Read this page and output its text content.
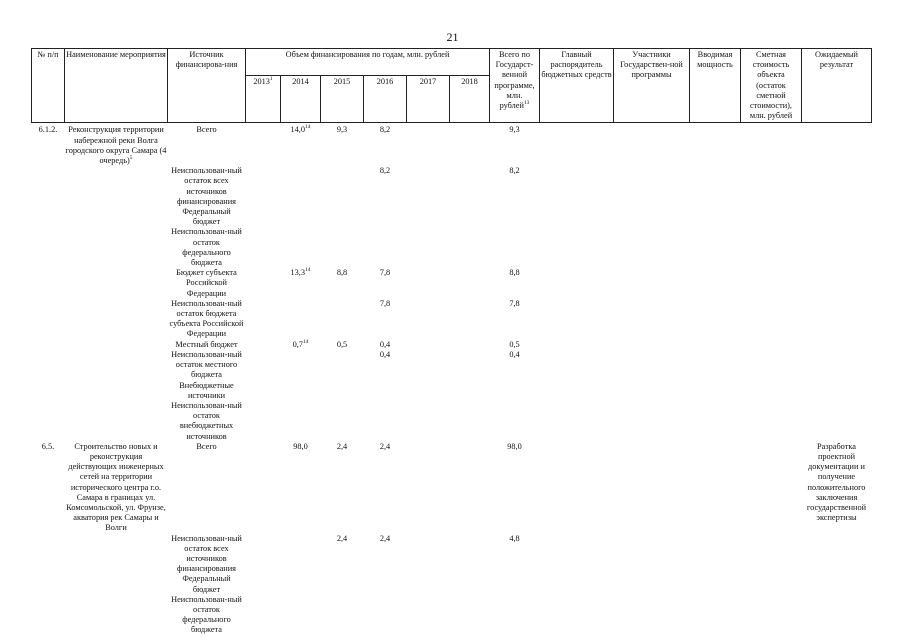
21
№ п/п	Наименование мероприятия	Источник финансирова-ния	Объем финансирования по годам, млн. рублей						Всего по Государст-венной программе, млн. рублей$^{13}$	Главный распорядитель бюджетных средств	Участники Государствен-ной программы	Вводимая мощность	Сметная стоимость объекта (остаток сметной стоимости), млн. рублей	Ожидаемый результат
			2013$^1$	2014	2015	2016	2017	2018						

6.1.2.	Реконструкция территории набережной реки Волга городского округа Самара (4 очередь)$^5$	Всего		14,0$^{14}$	9,3	8,2			9,3					
		Неиспользован-ный остаток всех источников финансирования				8,2			8,2					
		Федеральный бюджет												
		Неиспользован-ный остаток федерального бюджета												
		Бюджет субъекта Российской Федерации		13,3$^{14}$	8,8	7,8			8,8					
		Неиспользован-ный остаток бюджета субъекта Российской Федерации				7,8			7,8					
		Местный бюджет		$0,7^{14}$	0,5	0,4			0,5					
		Неиспользован-ный остаток местного бюджета				0,4			0,4					
		Внебюджетные источники												
		Неиспользован-ный остаток внебюджетных источников												
6.5.	Строительство новых и реконструкция действующих инженерных сетей на территории исторического центра г.о. Самара в границах ул. Комсомольской, ул. Фрунзе, акватория рек Самары и Волги	Всего		98,0	2,4	2,4			98,0					Разработка проектной документации и получение положительного заключения государственной экспертизы
		Неиспользован-ный остаток всех источников финансирования			2,4	2,4			4,8					
		Федеральный бюджет												
		Неиспользован-ный остаток федерального бюджета												
